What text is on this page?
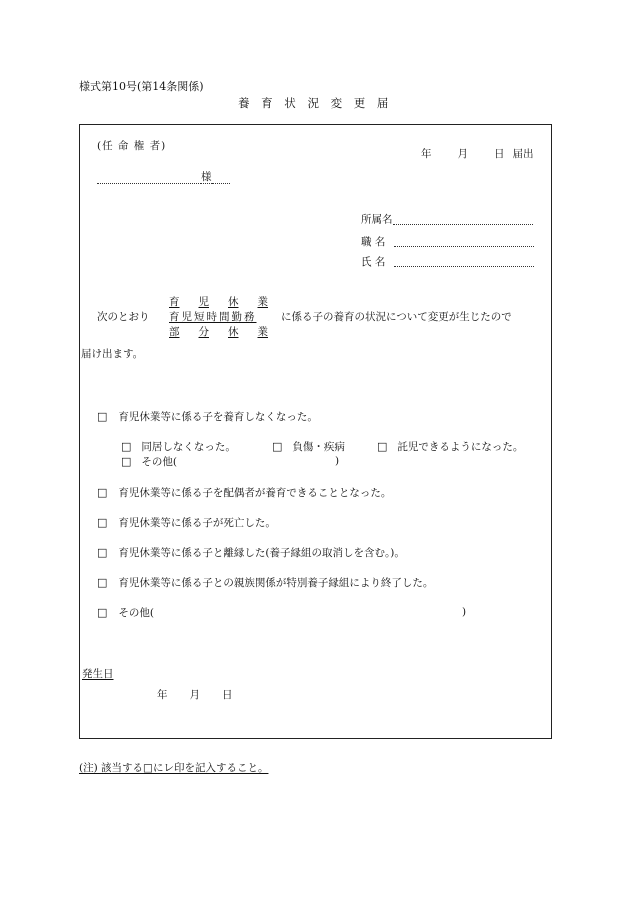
様式第10号(第14条関係)
養 育 状 況 変 更 届
(任 命 権 者)
様
年 月 日 届出
所属名
職 名
氏 名
次のとおり
育 児 休 業
育児短時間勤務
部 分 休 業
に係る子の養育の状況について変更が生じたので
届け出ます。
□ 育児休業等に係る子を養育しなくなった。
□ 同居しなくなった。	□ 負傷・疾病	□ 託児できるようになった。
□ その他(	)
□ 育児休業等に係る子を配偶者が養育できることとなった。
□ 育児休業等に係る子が死亡した。
□ 育児休業等に係る子と離縁した(養子縁組の取消しを含む。)。
□ 育児休業等に係る子との親族関係が特別養子縁組により終了した。
□ その他(	)
発生日
年 月 日
(注) 該当する□にレ印を記入すること。
